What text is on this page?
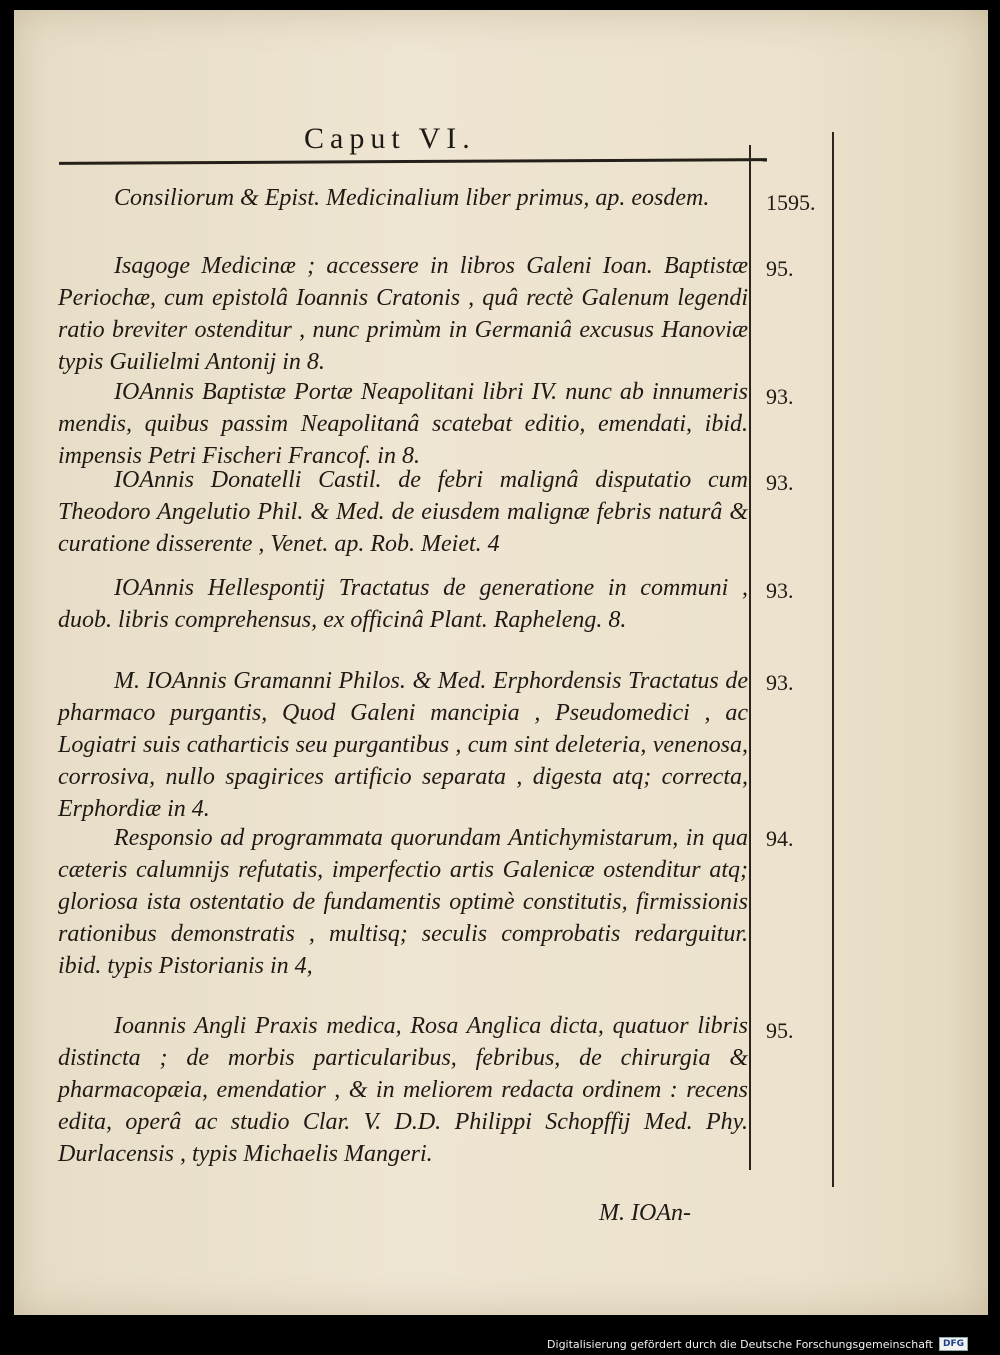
Caput VI.
Consiliorum & Epist. Medicinalium liber primus, ap. eosdem.	1595.
Isagoge Medicinæ ; accessere in libros Galeni Ioan. Baptistæ Periochæ, cum epistolâ Ioannis Cratonis , quâ rectè Galenum legendi ratio breviter ostenditur , nunc primùm in Germaniâ excusus Hanoviæ typis Guilielmi Antonij in 8.
95.
IOAnnis Baptistæ Portæ Neapolitani libri IV. nunc ab innumeris mendis, quibus passim Neapolitanâ scatebat editio, emendati, ibid. impensis Petri Fischeri Francof. in 8.
93.
IOAnnis Donatelli Castil. de febri malignâ disputatio cum Theodoro Angelutio Phil. & Med. de eiusdem malignæ febris naturâ & curatione disserente , Venet. ap. Rob. Meiet. 4
93.
IOAnnis Hellespontij Tractatus de generatione in communi , duob. libris comprehensus, ex officinâ Plant. Rapheleng. 8.
93.
M. IOAnnis Gramanni Philos. & Med. Erphordensis Tractatus de pharmaco purgantis, Quod Galeni mancipia , Pseudomedici , ac Logiatri suis catharticis seu purgantibus , cum sint deleteria, venenosa, corrosiva, nullo spagirices artificio separata , digesta atq; correcta, Erphordiæ in 4.
93.
Responsio ad programmata quorundam Antichymistarum, in qua cæteris calumnijs refutatis, imperfectio artis Galenicæ ostenditur atq; gloriosa ista ostentatio de fundamentis optimè constitutis, firmissionis rationibus demonstratis , multisq; seculis comprobatis redarguitur. ibid. typis Pistorianis in 4,
94.
Ioannis Angli Praxis medica, Rosa Anglica dicta, quatuor libris distincta ; de morbis particularibus, febribus, de chirurgia & pharmacopæia, emendatior , & in meliorem redacta ordinem : recens edita, operâ ac studio Clar. V. D.D. Philippi Schopffij Med. Phy. Durlacensis , typis Michaelis Mangeri.
95.
M. IOAn-
Digitalisierung gefördert durch die Deutsche Forschungsgemeinschaft	DFG
